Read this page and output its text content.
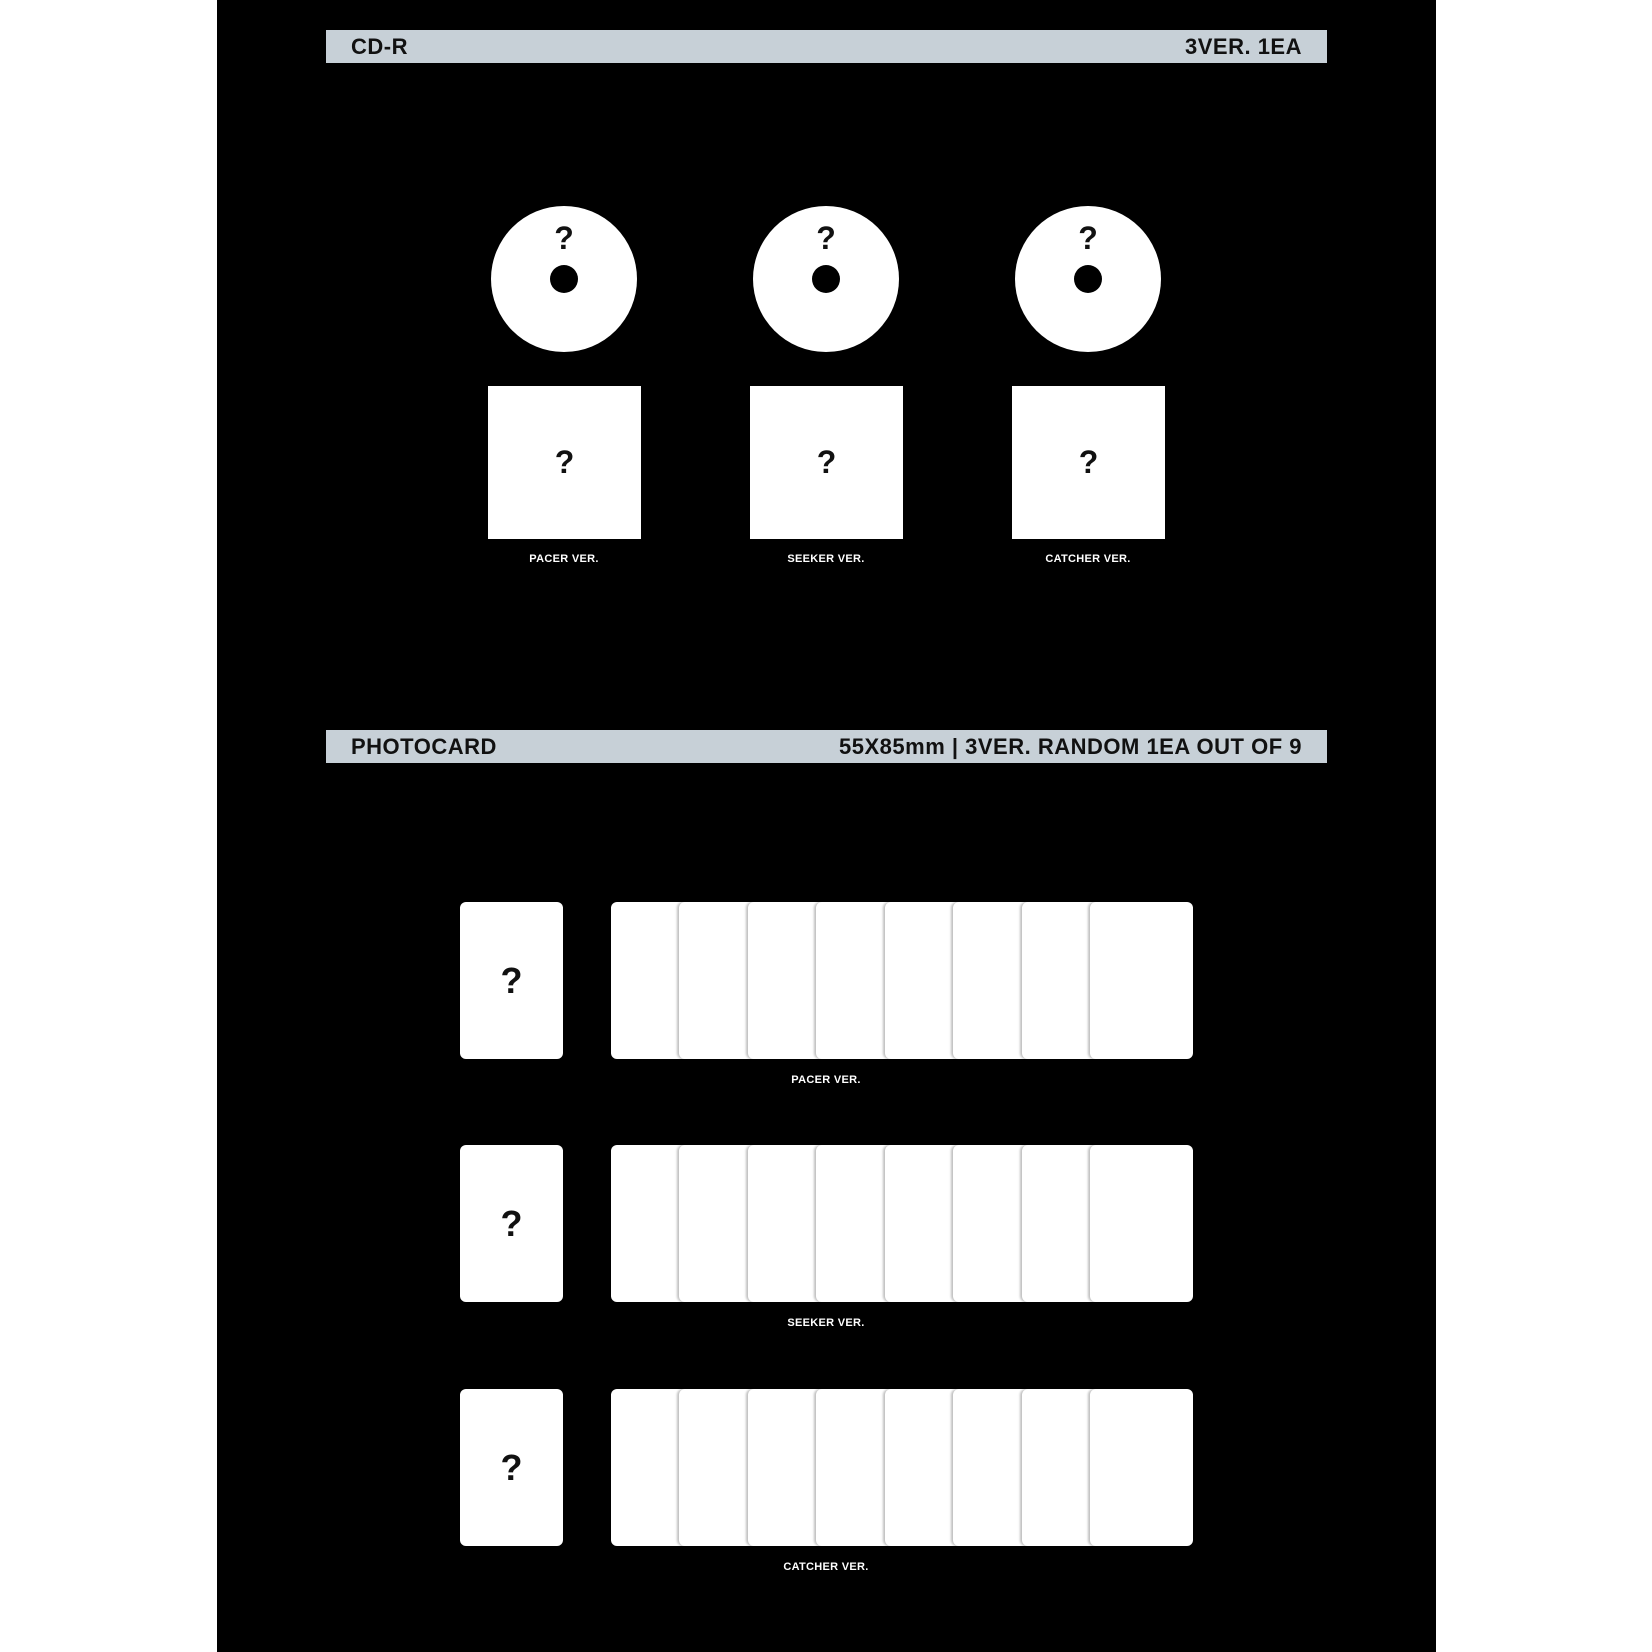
CD-R	3VER. 1EA
?	?	?
?	?	?
PACER VER.	SEEKER VER.	CATCHER VER.
PHOTOCARD	55X85mm | 3VER. RANDOM 1EA OUT OF 9
?
PACER VER.
?
SEEKER VER.
?
CATCHER VER.
